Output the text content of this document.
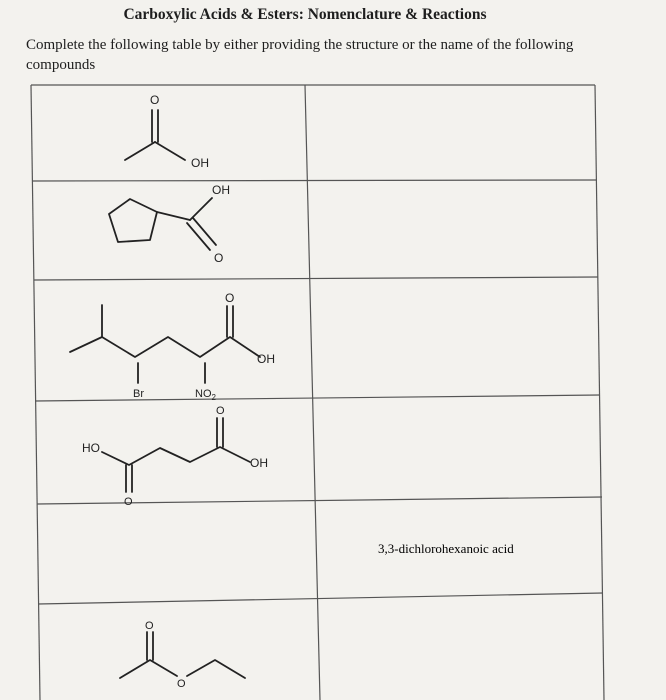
Carboxylic Acids & Esters: Nomenclature & Reactions
Complete the following table by either providing the structure or the name of the following compounds
O
OH
OH
O
O
OH
Br	$NO_2$
O
HO
OH
O
3,3-dichlorohexanoic acid
O
O
